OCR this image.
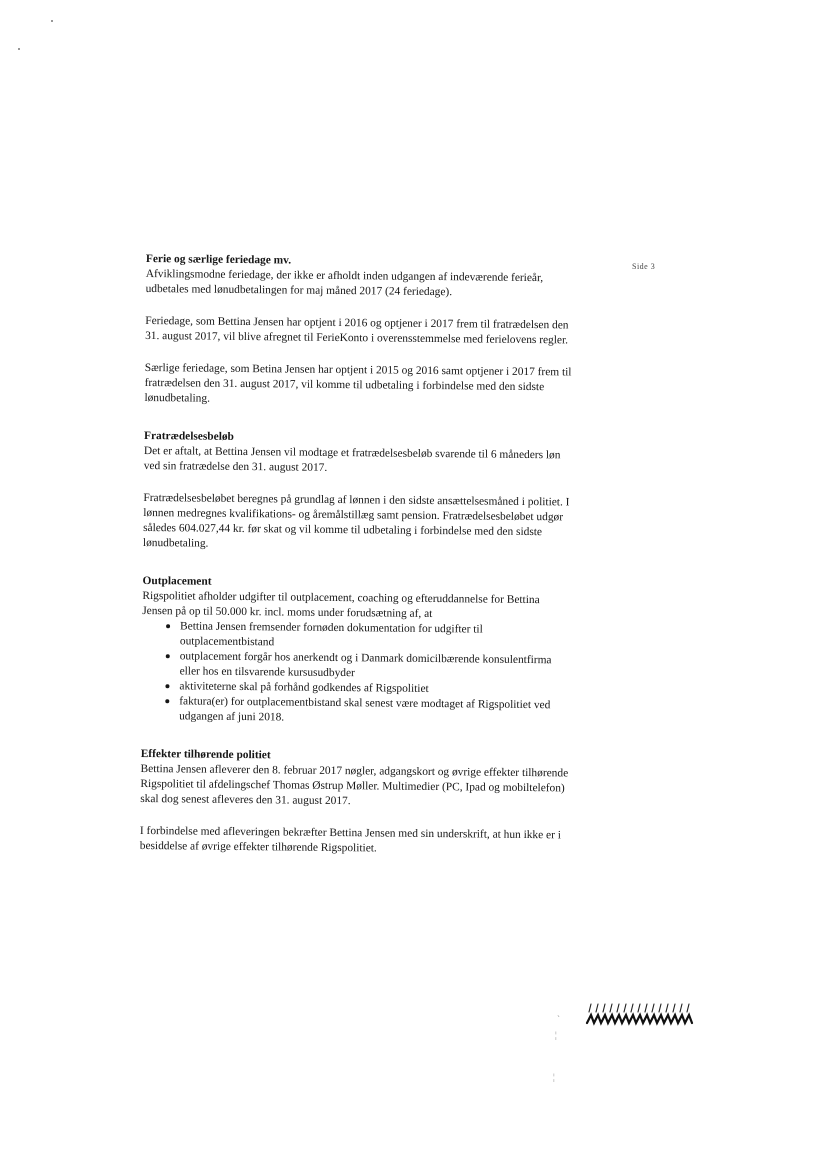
Side 3

Ferie og særlige feriedage mv.

Afviklingsmodne feriedage, der ikke er afholdt inden udgangen af indeværende ferieår, udbetales med lønudbetalingen for maj måned 2017 (24 feriedage).

Feriedage, som Bettina Jensen har optjent i 2016 og optjener i 2017 frem til fratrædelsen den 31. august 2017, vil blive afregnet til FerieKonto i overensstemmelse med ferielovens regler.

Særlige feriedage, som Betina Jensen har optjent i 2015 og 2016 samt optjener i 2017 frem til fratrædelsen den 31. august 2017, vil komme til udbetaling i forbindelse med den sidste lønudbetaling.

Fratrædelsesbeløb

Det er aftalt, at Bettina Jensen vil modtage et fratrædelsesbeløb svarende til 6 måneders løn ved sin fratrædelse den 31. august 2017.

Fratrædelsesbeløbet beregnes på grundlag af lønnen i den sidste ansættelsesmåned i politiet. I lønnen medregnes kvalifikations- og åremålstillæg samt pension. Fratrædelsesbeløbet udgør således 604.027,44 kr. før skat og vil komme til udbetaling i forbindelse med den sidste lønudbetaling.

Outplacement

Rigspolitiet afholder udgifter til outplacement, coaching og efteruddannelse for Bettina Jensen på op til 50.000 kr. incl. moms under forudsætning af, at

Bettina Jensen fremsender fornøden dokumentation for udgifter til outplacementbistand
outplacement forgår hos anerkendt og i Danmark domicilbærende konsulentfirma eller hos en tilsvarende kursusudbyder
aktiviteterne skal på forhånd godkendes af Rigspolitiet
faktura(er) for outplacementbistand skal senest være modtaget af Rigspolitiet ved udgangen af juni 2018.

Effekter tilhørende politiet

Bettina Jensen afleverer den 8. februar 2017 nøgler, adgangskort og øvrige effekter tilhørende Rigspolitiet til afdelingschef Thomas Østrup Møller. Multimedier (PC, Ipad og mobiltelefon) skal dog senest afleveres den 31. august 2017.

I forbindelse med afleveringen bekræfter Bettina Jensen med sin underskrift, at hun ikke er i besiddelse af øvrige effekter tilhørende Rigspolitiet.

ˋ
¦
¦
